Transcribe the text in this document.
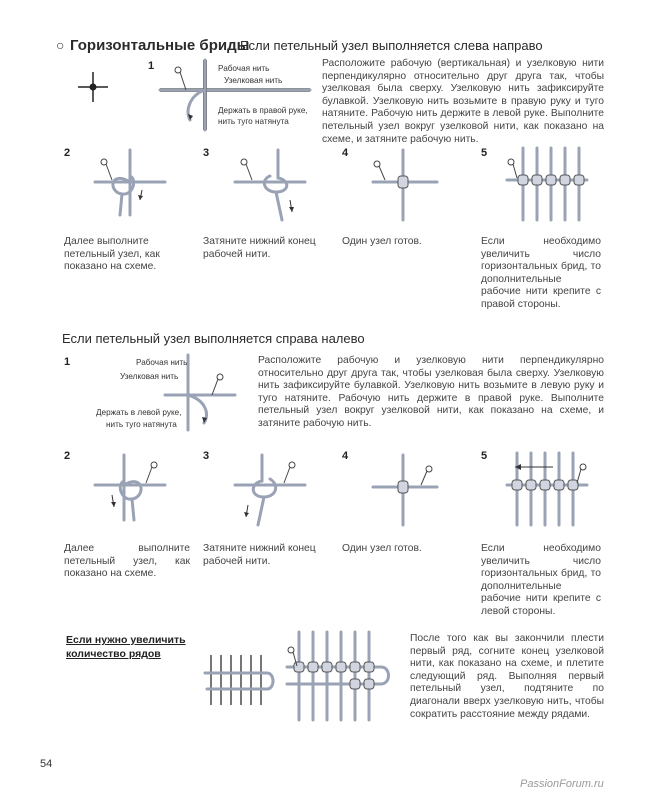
○ Горизонтальные бриды
Если петельный узел выполняется слева направо
1	Рабочая нить
Узелковая нить
Держать в правой руке,
нить туго натянута
Расположите рабочую (вертикальная) и узелковую нити перпендикулярно относительно друг друга так, чтобы узелковая была сверху. Узелковую нить зафиксируйте булавкой. Узелковую нить возьмите в правую руку и туго натяните. Рабочую нить держите в левой руке. Выполните петельный узел вокруг узелковой нити, как показано на схеме, и затяните рабочую нить.
2	3	4	5
Далее выполните петельный узел, как показано на схеме.
Затяните нижний конец рабочей нити.
Один узел готов.	Если необходимо увеличить число горизонтальных брид, то дополнительные рабочие нити крепите с правой стороны.
Если петельный узел выполняется справа налево
1	Рабочая нить
Узелковая нить
Держать в левой руке,
нить туго натянута
Расположите рабочую и узелковую нити перпендикулярно относительно друг друга так, чтобы узелковая была сверху. Узелковую нить зафиксируйте булавкой. Узелковую нить возьмите в левую руку и туго натяните. Рабочую нить держите в правой руке. Выполните петельный узел вокруг узелковой нити, как показано на схеме, и затяните рабочую нить.
2	3	4	5
Далее выполните петельный узел, как показано на схеме.
Затяните нижний конец рабочей нити.
Один узел готов.	Если необходимо увеличить число горизонтальных брид, то дополнительные рабочие нити крепите с левой стороны.
Если нужно увеличить
количество рядов
После того как вы закончили плести первый ряд, согните конец узелковой нити, как показано на схеме, и плетите следующий ряд. Выполняя первый петельный узел, подтяните по диагонали вверх узелковую нить, чтобы сократить расстояние между рядами.
54
PassionForum.ru
